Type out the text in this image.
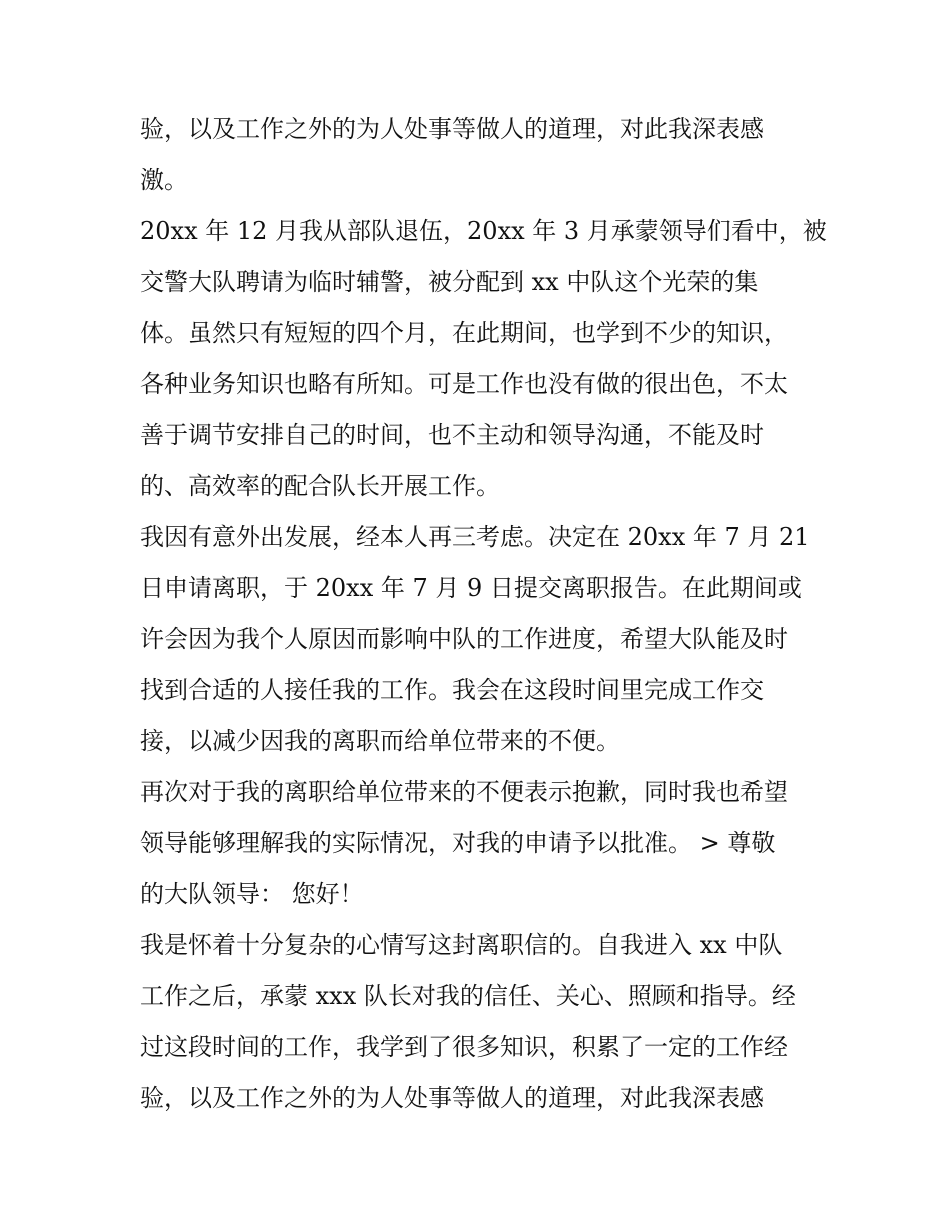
验，以及工作之外的为人处事等做人的道理，对此我深表感
激。
20xx 年 12 月我从部队退伍，20xx 年 3 月承蒙领导们看中，被
交警大队聘请为临时辅警，被分配到 xx 中队这个光荣的集
体。虽然只有短短的四个月，在此期间，也学到不少的知识，
各种业务知识也略有所知。可是工作也没有做的很出色，不太
善于调节安排自己的时间，也不主动和领导沟通，不能及时
的、高效率的配合队长开展工作。
我因有意外出发展，经本人再三考虑。决定在 20xx 年 7 月 21
日申请离职，于 20xx 年 7 月 9 日提交离职报告。在此期间或
许会因为我个人原因而影响中队的工作进度，希望大队能及时
找到合适的人接任我的工作。我会在这段时间里完成工作交
接，以减少因我的离职而给单位带来的不便。
再次对于我的离职给单位带来的不便表示抱歉，同时我也希望
领导能够理解我的实际情况，对我的申请予以批准。 > 尊敬
的大队领导： 您好！
我是怀着十分复杂的心情写这封离职信的。自我进入 xx 中队
工作之后，承蒙 xxx 队长对我的信任、关心、照顾和指导。经
过这段时间的工作，我学到了很多知识，积累了一定的工作经
验，以及工作之外的为人处事等做人的道理，对此我深表感
